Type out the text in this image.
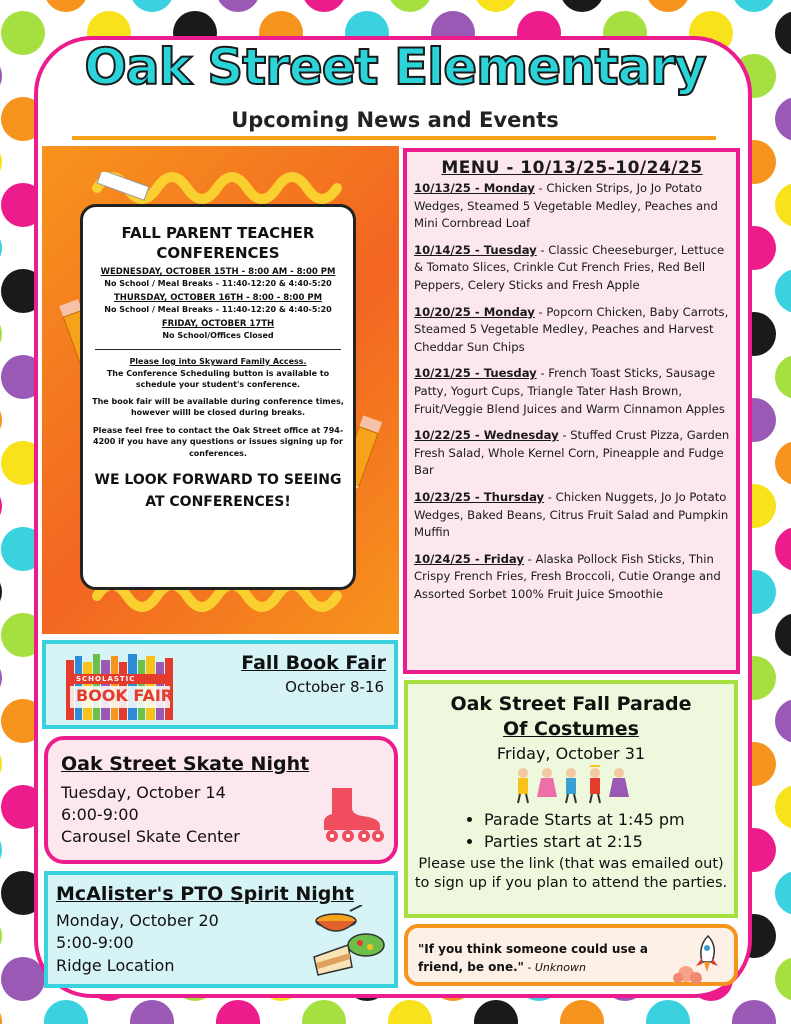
Oak Street Elementary
Upcoming News and Events
FALL PARENT TEACHER CONFERENCES
WEDNESDAY, OCTOBER 15TH - 8:00 AM - 8:00 PM
No School / Meal Breaks - 11:40-12:20 & 4:40-5:20
THURSDAY, OCTOBER 16TH - 8:00 - 8:00 PM
No School / Meal Breaks - 11:40-12:20 & 4:40-5:20
FRIDAY, OCTOBER 17TH
No School/Offices Closed
Please log into Skyward Family Access.
The Conference Scheduling button is available to schedule your student's conference.
The book fair will be available during conference times, however willl be closed during breaks.
Please feel free to contact the Oak Street office at 794-4200 if you have any questions or issues signing up for conferences.
WE LOOK FORWARD TO SEEING AT CONFERENCES!
MENU - 10/13/25-10/24/25
10/13/25 - Monday - Chicken Strips, Jo Jo Potato Wedges, Steamed 5 Vegetable Medley, Peaches and Mini Cornbread Loaf
10/14/25 - Tuesday - Classic Cheeseburger, Lettuce & Tomato Slices, Crinkle Cut French Fries, Red Bell Peppers, Celery Sticks and Fresh Apple
10/20/25 - Monday - Popcorn Chicken, Baby Carrots, Steamed 5 Vegetable Medley, Peaches and Harvest Cheddar Sun Chips
10/21/25 - Tuesday - French Toast Sticks, Sausage Patty, Yogurt Cups, Triangle Tater Hash Brown, Fruit/Veggie Blend Juices and Warm Cinnamon Apples
10/22/25 - Wednesday - Stuffed Crust Pizza, Garden Fresh Salad, Whole Kernel Corn, Pineapple and Fudge Bar
10/23/25 - Thursday - Chicken Nuggets, Jo Jo Potato Wedges, Baked Beans, Citrus Fruit Salad and Pumpkin Muffin
10/24/25 - Friday - Alaska Pollock Fish Sticks, Thin Crispy French Fries, Fresh Broccoli, Cutie Orange and Assorted Sorbet 100% Fruit Juice Smoothie
SCHOLASTIC
BOOK FAIR
Fall Book Fair
October 8-16
Oak Street Skate Night
Tuesday, October 14
6:00-9:00
Carousel Skate Center
McAlister's PTO Spirit Night
Monday, October 20
5:00-9:00
Ridge Location
Oak Street Fall Parade
Of Costumes
Friday, October 31
• Parade Starts at 1:45 pm
• Parties start at 2:15
Please use the link (that was emailed out) to sign up if you plan to attend the parties.
"If you think someone could use a friend, be one." - Unknown
